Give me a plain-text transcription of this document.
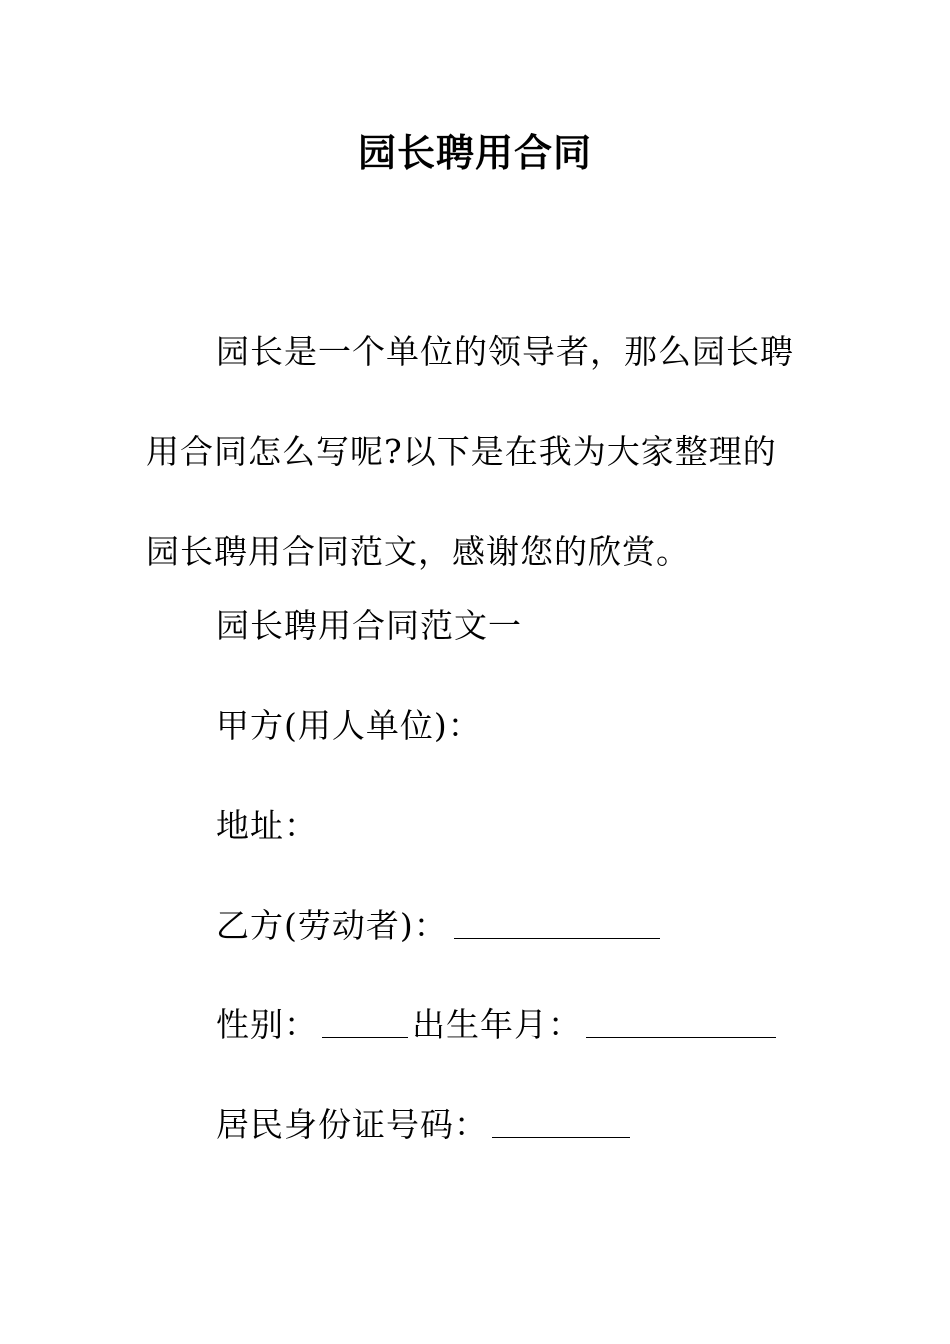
园长聘用合同

园长是一个单位的领导者，那么园长聘用合同怎么写呢?以下是在我为大家整理的园长聘用合同范文，感谢您的欣赏。

园长聘用合同范文一
甲方(用人单位)：
地址：
乙方(劳动者)：
性别：	出生年月：
居民身份证号码：
